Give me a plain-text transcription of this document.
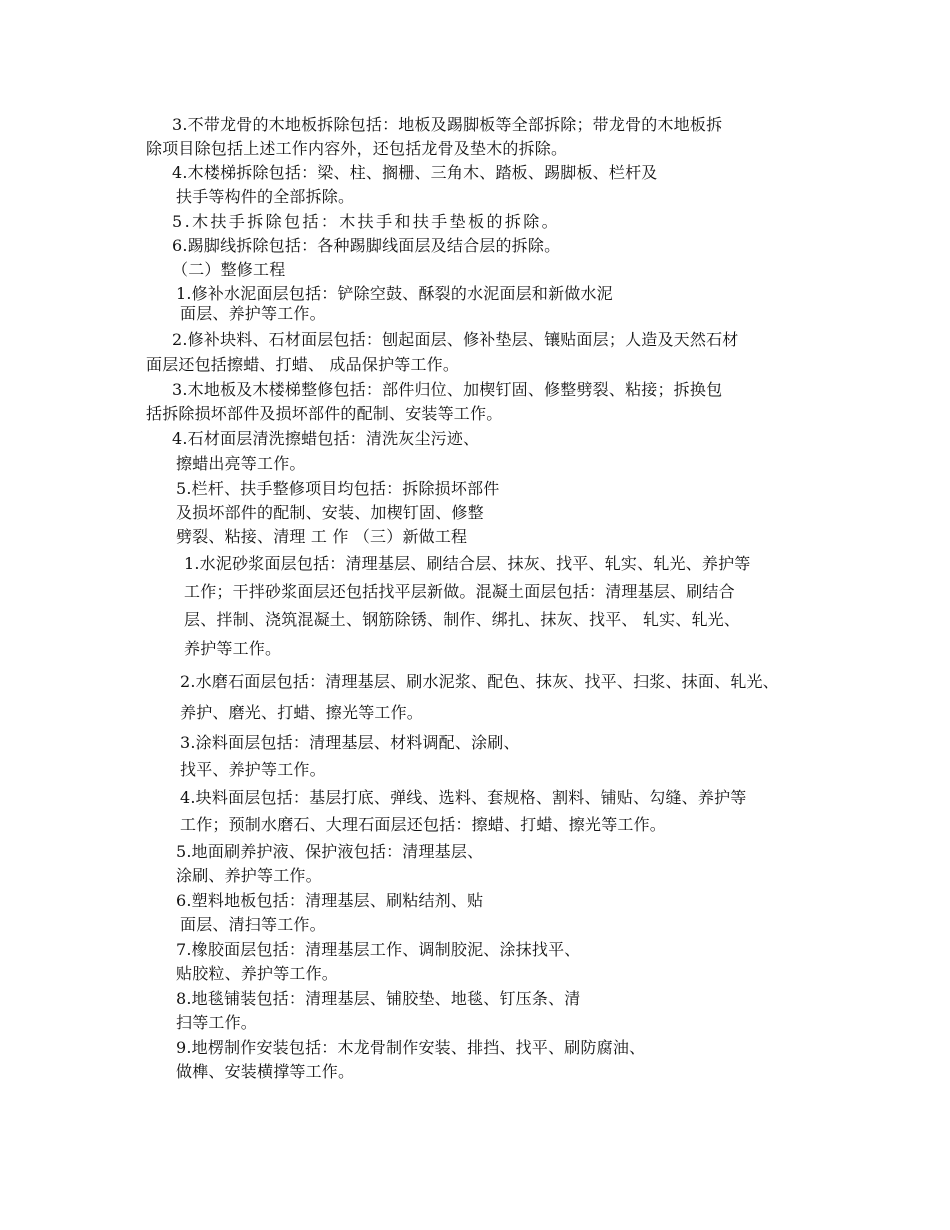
3.不带龙骨的木地板拆除包括：地板及踢脚板等全部拆除；带龙骨的木地板拆
除项目除包括上述工作内容外，还包括龙骨及垫木的拆除。
4.木楼梯拆除包括：梁、柱、搁栅、三角木、踏板、踢脚板、栏杆及
扶手等构件的全部拆除。
5.木扶手拆除包括：木扶手和扶手垫板的拆除。
6.踢脚线拆除包括：各种踢脚线面层及结合层的拆除。
（二）整修工程
1.修补水泥面层包括：铲除空鼓、酥裂的水泥面层和新做水泥
面层、养护等工作。
2.修补块料、石材面层包括：刨起面层、修补垫层、镶贴面层；人造及天然石材
面层还包括擦蜡、打蜡、 成品保护等工作。
3.木地板及木楼梯整修包括：部件归位、加楔钉固、修整劈裂、粘接；拆换包
括拆除损坏部件及损坏部件的配制、安装等工作。
4.石材面层清洗擦蜡包括：清洗灰尘污迹、
擦蜡出亮等工作。
5.栏杆、扶手整修项目均包括：拆除损坏部件
及损坏部件的配制、安装、加楔钉固、修整
劈裂、粘接、清理 工 作 （三）新做工程
1.水泥砂浆面层包括：清理基层、刷结合层、抹灰、找平、轧实、轧光、养护等
工作；干拌砂浆面层还包括找平层新做。混凝土面层包括：清理基层、刷结合
层、拌制、浇筑混凝土、钢筋除锈、制作、绑扎、抹灰、找平、 轧实、轧光、
养护等工作。
2.水磨石面层包括：清理基层、刷水泥浆、配色、抹灰、找平、扫浆、抹面、轧光、
养护、磨光、打蜡、擦光等工作。
3.涂料面层包括：清理基层、材料调配、涂刷、
找平、养护等工作。
4.块料面层包括：基层打底、弹线、选料、套规格、割料、铺贴、勾缝、养护等
工作；预制水磨石、大理石面层还包括：擦蜡、打蜡、擦光等工作。
5.地面刷养护液、保护液包括：清理基层、
涂刷、养护等工作。
6.塑料地板包括：清理基层、刷粘结剂、贴
面层、清扫等工作。
7.橡胶面层包括：清理基层工作、调制胶泥、涂抹找平、
贴胶粒、养护等工作。
8.地毯铺装包括：清理基层、铺胶垫、地毯、钉压条、清
扫等工作。
9.地楞制作安装包括：木龙骨制作安装、排挡、找平、刷防腐油、
做榫、安装横撑等工作。
